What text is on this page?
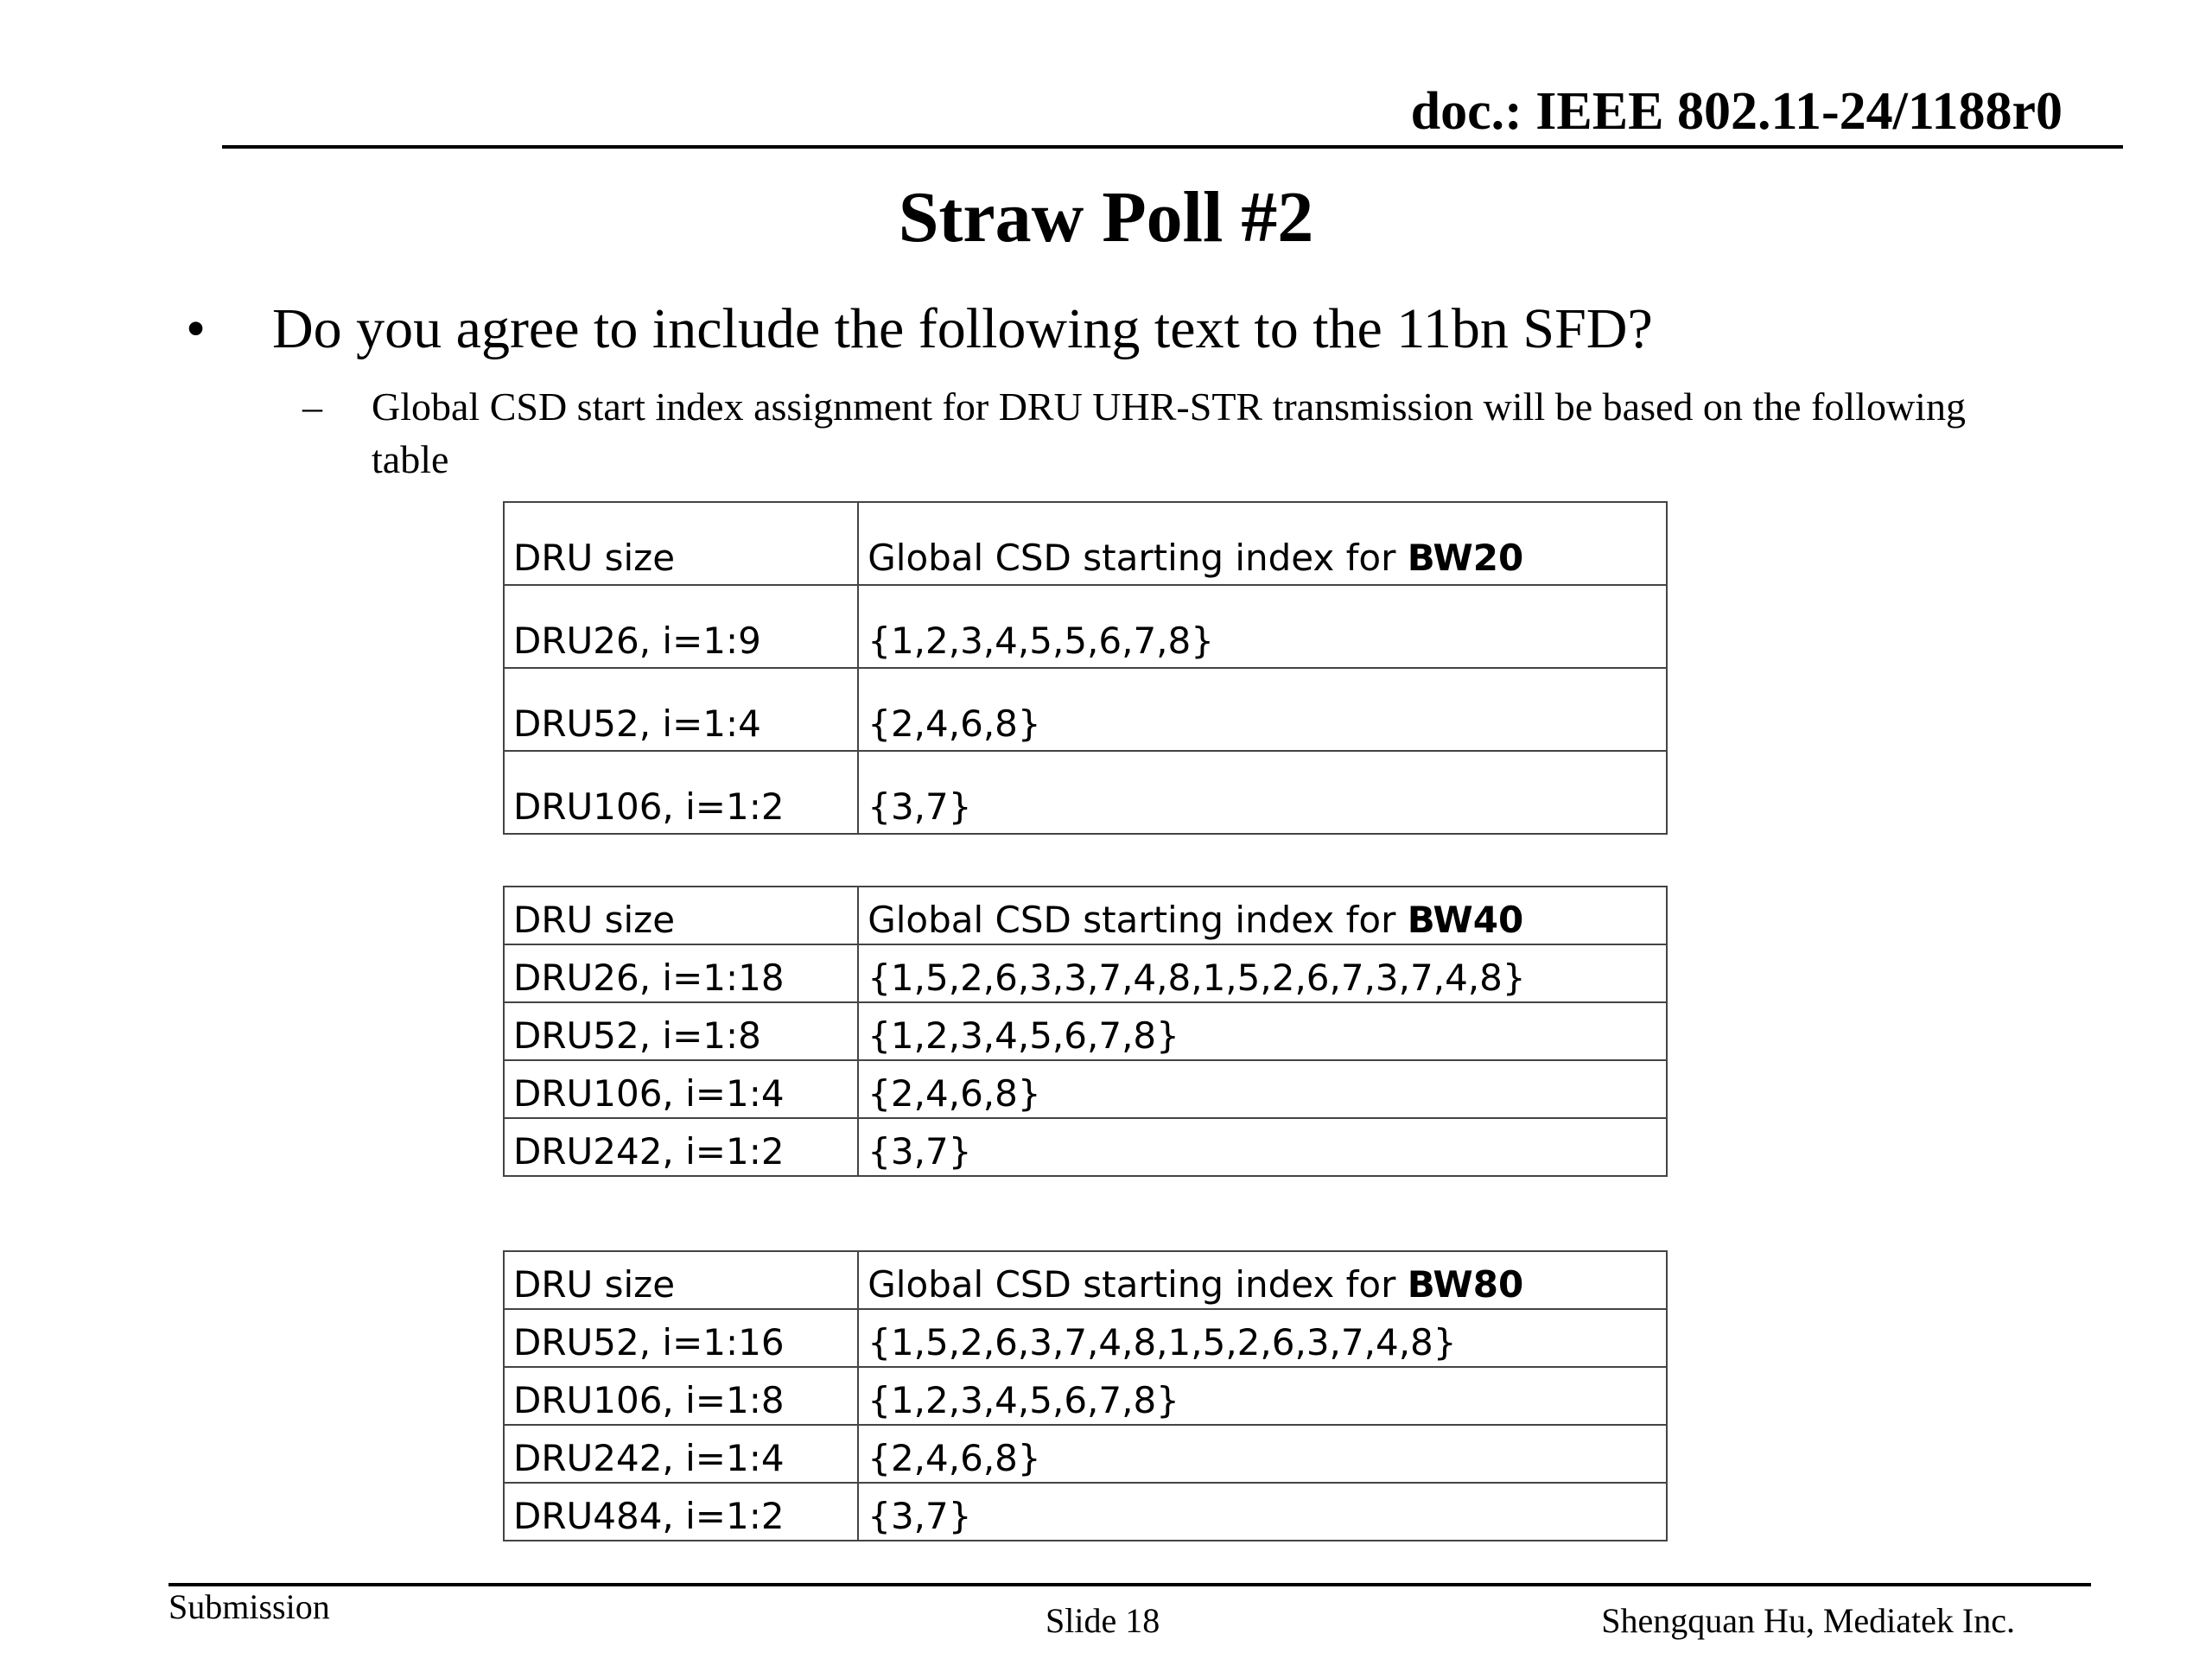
doc.: IEEE 802.11-24/1188r0
Straw Poll #2
• Do you agree to include the following text to the 11bn SFD?
– Global CSD start index assignment for DRU UHR-STR transmission will be based on the following table
DRU size	Global CSD starting index for BW20
DRU26, i=1:9	{1,2,3,4,5,5,6,7,8}
DRU52, i=1:4	{2,4,6,8}
DRU106, i=1:2	{3,7}
DRU size	Global CSD starting index for BW40
DRU26, i=1:18	{1,5,2,6,3,3,7,4,8,1,5,2,6,7,3,7,4,8}
DRU52, i=1:8	{1,2,3,4,5,6,7,8}
DRU106, i=1:4	{2,4,6,8}
DRU242, i=1:2	{3,7}
DRU size	Global CSD starting index for BW80
DRU52, i=1:16	{1,5,2,6,3,7,4,8,1,5,2,6,3,7,4,8}
DRU106, i=1:8	{1,2,3,4,5,6,7,8}
DRU242, i=1:4	{2,4,6,8}
DRU484, i=1:2	{3,7}
Submission	Slide 18	Shengquan Hu, Mediatek Inc.
